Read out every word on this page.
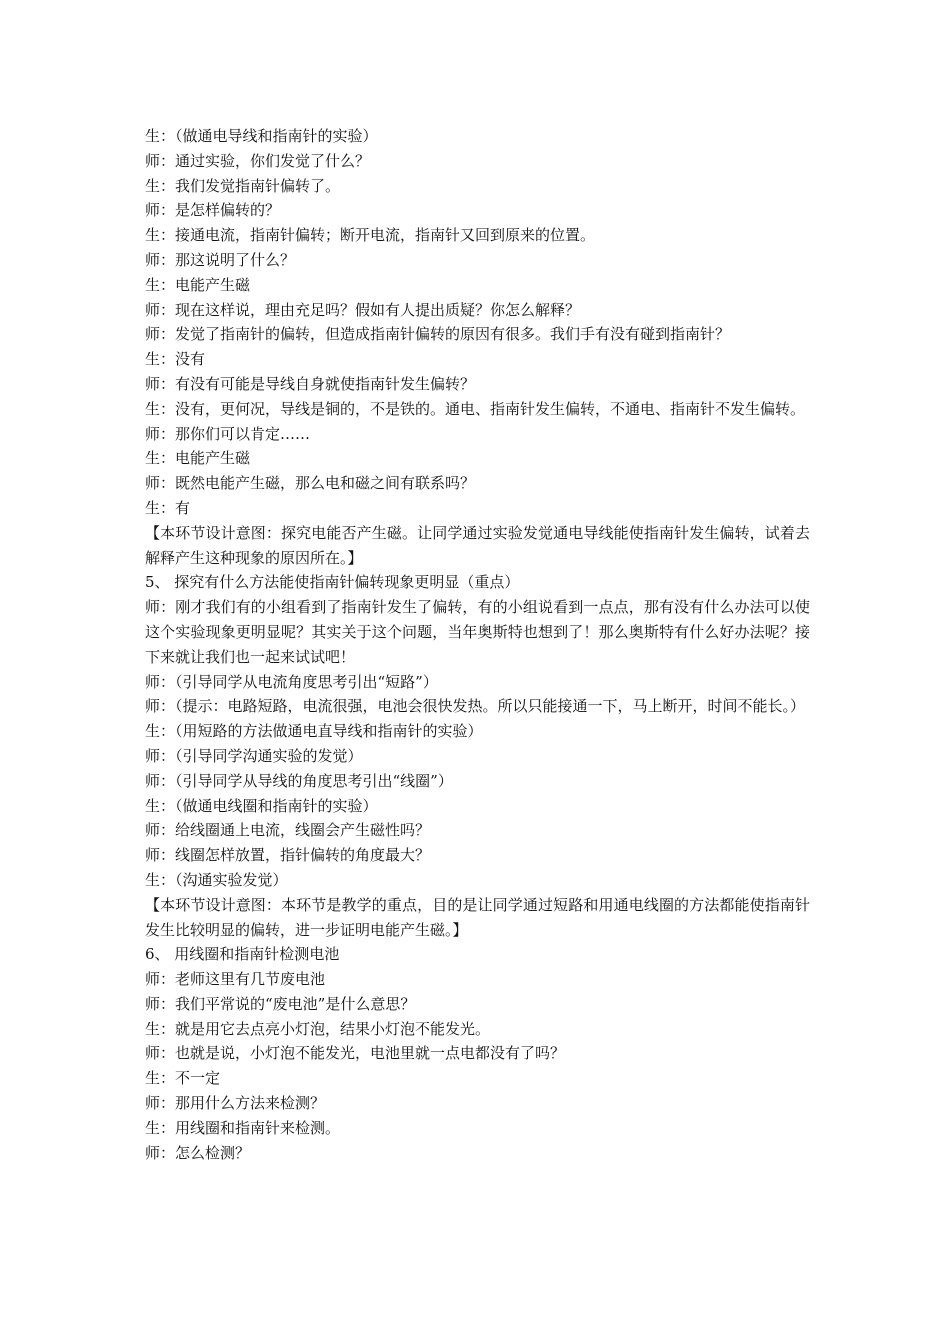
生：（做通电导线和指南针的实验）

师：通过实验，你们发觉了什么？

生：我们发觉指南针偏转了。

师：是怎样偏转的？

生：接通电流，指南针偏转；断开电流，指南针又回到原来的位置。

师：那这说明了什么？

生：电能产生磁

师：现在这样说，理由充足吗？假如有人提出质疑？你怎么解释？

师：发觉了指南针的偏转，但造成指南针偏转的原因有很多。我们手有没有碰到指南针？

生：没有

师：有没有可能是导线自身就使指南针发生偏转？

生：没有，更何况，导线是铜的，不是铁的。通电、指南针发生偏转，不通电、指南针不发生偏转。

师：那你们可以肯定……

生：电能产生磁

师：既然电能产生磁，那么电和磁之间有联系吗？

生：有

【本环节设计意图：探究电能否产生磁。让同学通过实验发觉通电导线能使指南针发生偏转，试着去解释产生这种现象的原因所在。】

5、 探究有什么方法能使指南针偏转现象更明显（重点）

师：刚才我们有的小组看到了指南针发生了偏转，有的小组说看到一点点，那有没有什么办法可以使这个实验现象更明显呢？其实关于这个问题，当年奥斯特也想到了！那么奥斯特有什么好办法呢？接下来就让我们也一起来试试吧！

师：（引导同学从电流角度思考引出“短路”）

师：（提示：电路短路，电流很强，电池会很快发热。所以只能接通一下，马上断开，时间不能长。）

生：（用短路的方法做通电直导线和指南针的实验）

师：（引导同学沟通实验的发觉）

师：（引导同学从导线的角度思考引出“线圈”）

生：（做通电线圈和指南针的实验）

师：给线圈通上电流，线圈会产生磁性吗？

师：线圈怎样放置，指针偏转的角度最大？

生：（沟通实验发觉）

【本环节设计意图：本环节是教学的重点，目的是让同学通过短路和用通电线圈的方法都能使指南针发生比较明显的偏转，进一步证明电能产生磁。】

6、 用线圈和指南针检测电池

师：老师这里有几节废电池

师：我们平常说的“废电池”是什么意思？

生：就是用它去点亮小灯泡，结果小灯泡不能发光。

师：也就是说，小灯泡不能发光，电池里就一点电都没有了吗？

生：不一定

师：那用什么方法来检测？

生：用线圈和指南针来检测。

师：怎么检测？
